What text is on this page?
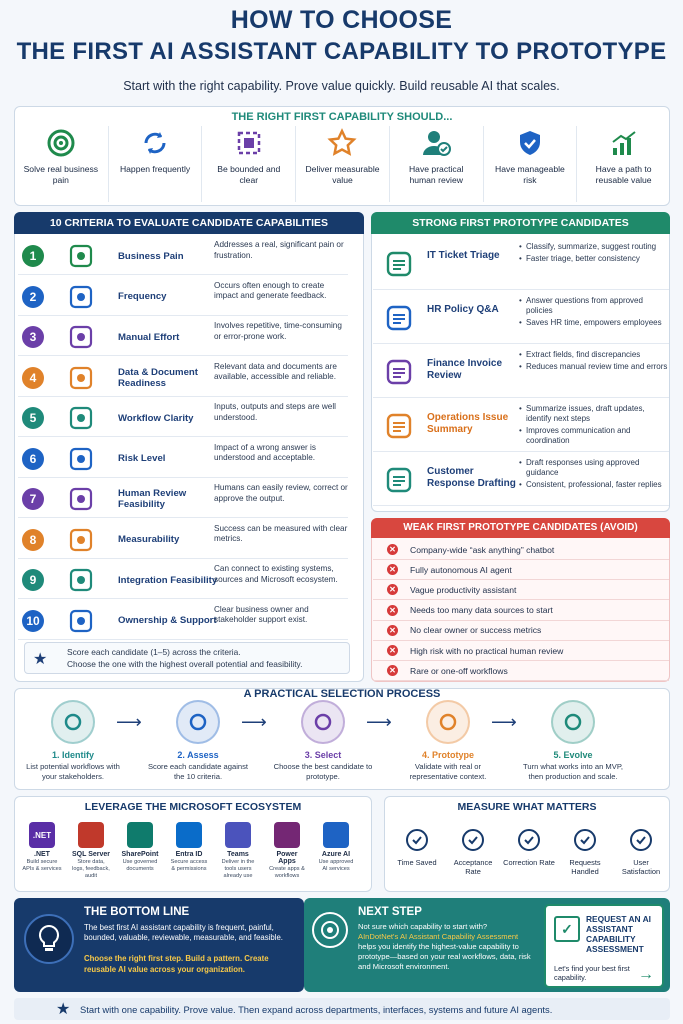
HOW TO CHOOSE
THE FIRST AI ASSISTANT CAPABILITY TO PROTOTYPE
Start with the right capability. Prove value quickly. Build reusable AI that scales.
THE RIGHT FIRST CAPABILITY SHOULD...
Solve real business pain
Happen frequently	Be bounded and clear
Deliver measurable value
Have practical human review
Have manageable risk
Have a path to reusable value
10 CRITERIA TO EVALUATE CANDIDATE CAPABILITIES
1	Business Pain
Addresses a real, significant pain or frustration.
2	Frequency
Occurs often enough to create impact and generate feedback.
3	Manual Effort
Involves repetitive, time-consuming or error-prone work.
4	Data & Document Readiness
Relevant data and documents are available, accessible and reliable.
5	Workflow Clarity
Inputs, outputs and steps are well understood.
6	Risk Level
Impact of a wrong answer is understood and acceptable.
7	Human Review Feasibility
Humans can easily review, correct or approve the output.
8	Measurability
Success can be measured with clear metrics.
9	Integration Feasibility
Can connect to existing systems, sources and Microsoft ecosystem.
10	Ownership & Support
Clear business owner and stakeholder support exist.
★ Score each candidate (1–5) across the criteria.
Choose the one with the highest overall potential and feasibility.
STRONG FIRST PROTOTYPE CANDIDATES
IT Ticket Triage
• Classify, summarize, suggest routing
• Faster triage, better consistency
HR Policy Q&A
• Answer questions from approved policies
• Saves HR time, empowers employees
Finance Invoice Review
• Extract fields, find discrepancies
• Reduces manual review time and errors
Operations Issue Summary
• Summarize issues, draft updates, identify next steps
• Improves communication and coordination
Customer Response Drafting
• Draft responses using approved guidance
• Consistent, professional, faster replies
WEAK FIRST PROTOTYPE CANDIDATES (AVOID)
✕ Company-wide “ask anything” chatbot
✕ Fully autonomous AI agent
✕ Vague productivity assistant
✕ Needs too many data sources to start
✕ No clear owner or success metrics
✕ High risk with no practical human review
✕ Rare or one-off workflows
A PRACTICAL SELECTION PROCESS
1. Identify
List potential workflows with your stakeholders.
⟶
2. Assess
Score each candidate against the 10 criteria.
⟶
3. Select
Choose the best candidate to prototype.
⟶
4. Prototype
Validate with real or representative context.
⟶
5. Evolve
Turn what works into an MVP, then production and scale.
LEVERAGE THE MICROSOFT ECOSYSTEM
.NET
.NET
Build secure APIs & services
SQL Server
Store data, logs, feedback, audit
SharePoint
Use governed documents
Entra ID
Secure access & permissions
Teams
Deliver in the tools users already use
Power Apps
Create apps & workflows
Azure AI
Use approved AI services
MEASURE WHAT MATTERS
Time Saved	Acceptance Rate
Correction Rate	Requests Handled
User Satisfaction
THE BOTTOM LINE
The best first AI assistant capability is frequent, painful, bounded, valuable, reviewable, measurable, and feasible.
Choose the right first step. Build a pattern. Create reusable AI value across your organization.
NEXT STEP
Not sure which capability to start with?
AInDotNet's AI Assistant Capability Assessment helps you identify the highest-value capability to prototype—based on your real workflows, data, risk and Microsoft environment.
✓
REQUEST AN AI ASSISTANT CAPABILITY ASSESSMENT
Let's find your best first capability.	→
★ Start with one capability. Prove value. Then expand across departments, interfaces, systems and future AI agents.
